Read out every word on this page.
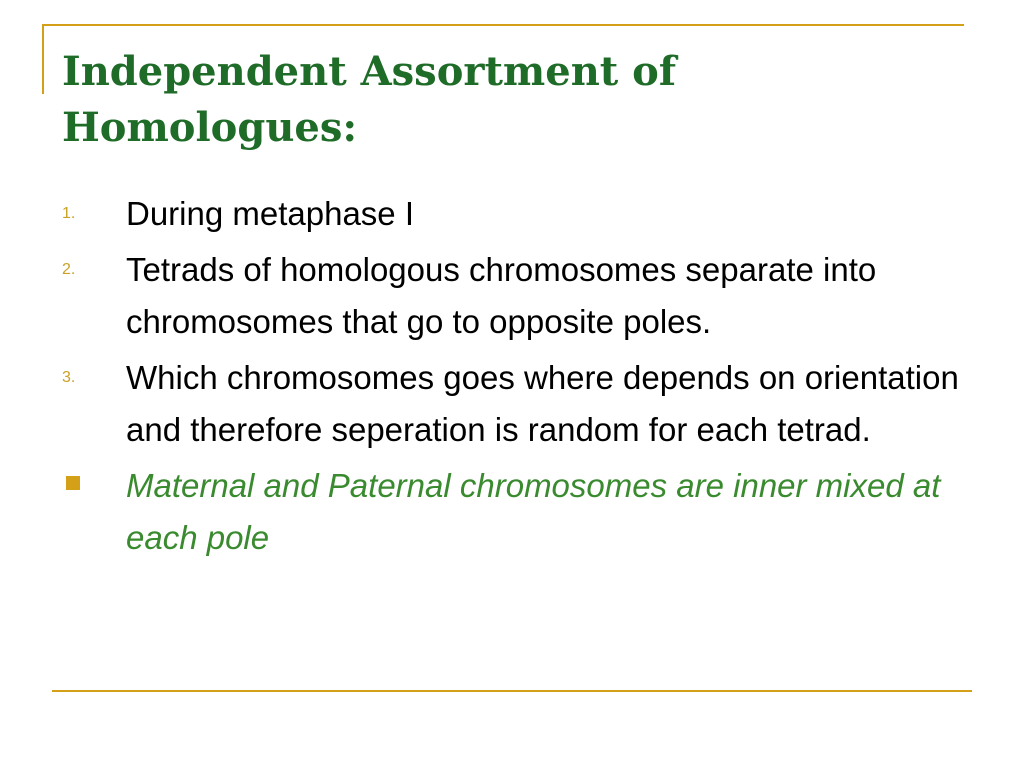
Independent Assortment of
Homologues:
1. During metaphase I
2. Tetrads of homologous chromosomes separate into chromosomes that go to opposite poles.
3. Which chromosomes goes where depends on orientation and therefore seperation is random for each tetrad.
Maternal and Paternal chromosomes are inner mixed at each pole
